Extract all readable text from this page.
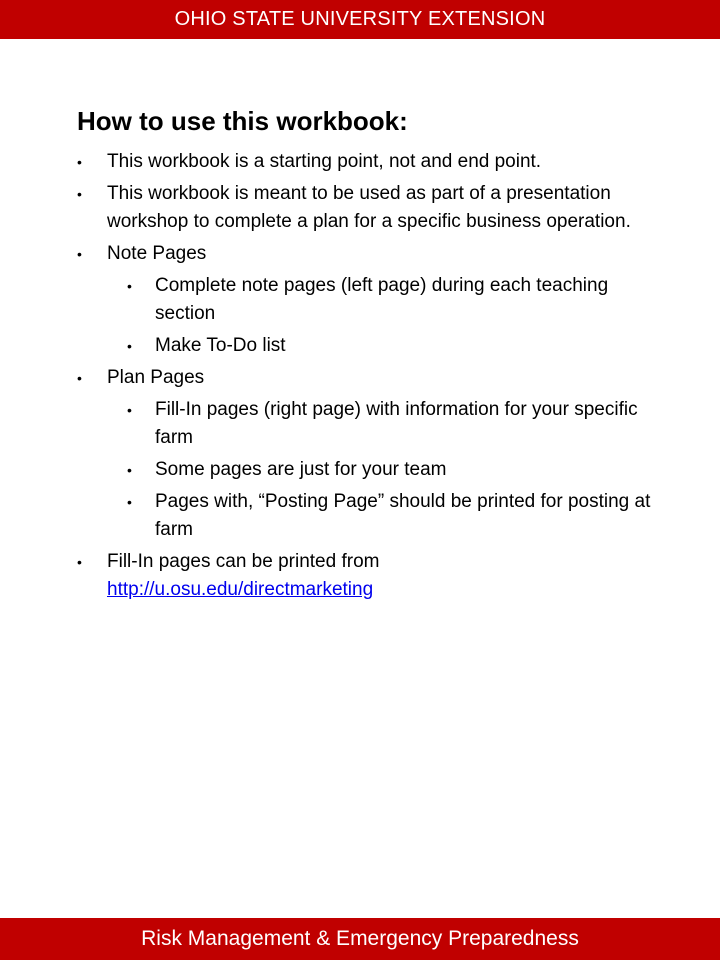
OHIO STATE UNIVERSITY EXTENSION
How to use this workbook:
• This workbook is a starting point, not and end point.
• This workbook is meant to be used as part of a presentation workshop to complete a plan for a specific business operation.
• Note Pages
• Complete note pages (left page) during each teaching section
• Make To-Do list
• Plan Pages
• Fill-In pages (right page) with information for your specific farm
• Some pages are just for your team
• Pages with, “Posting Page” should be printed for posting at farm
• Fill-In pages can be printed from
http://u.osu.edu/directmarketing
Risk Management & Emergency Preparedness
